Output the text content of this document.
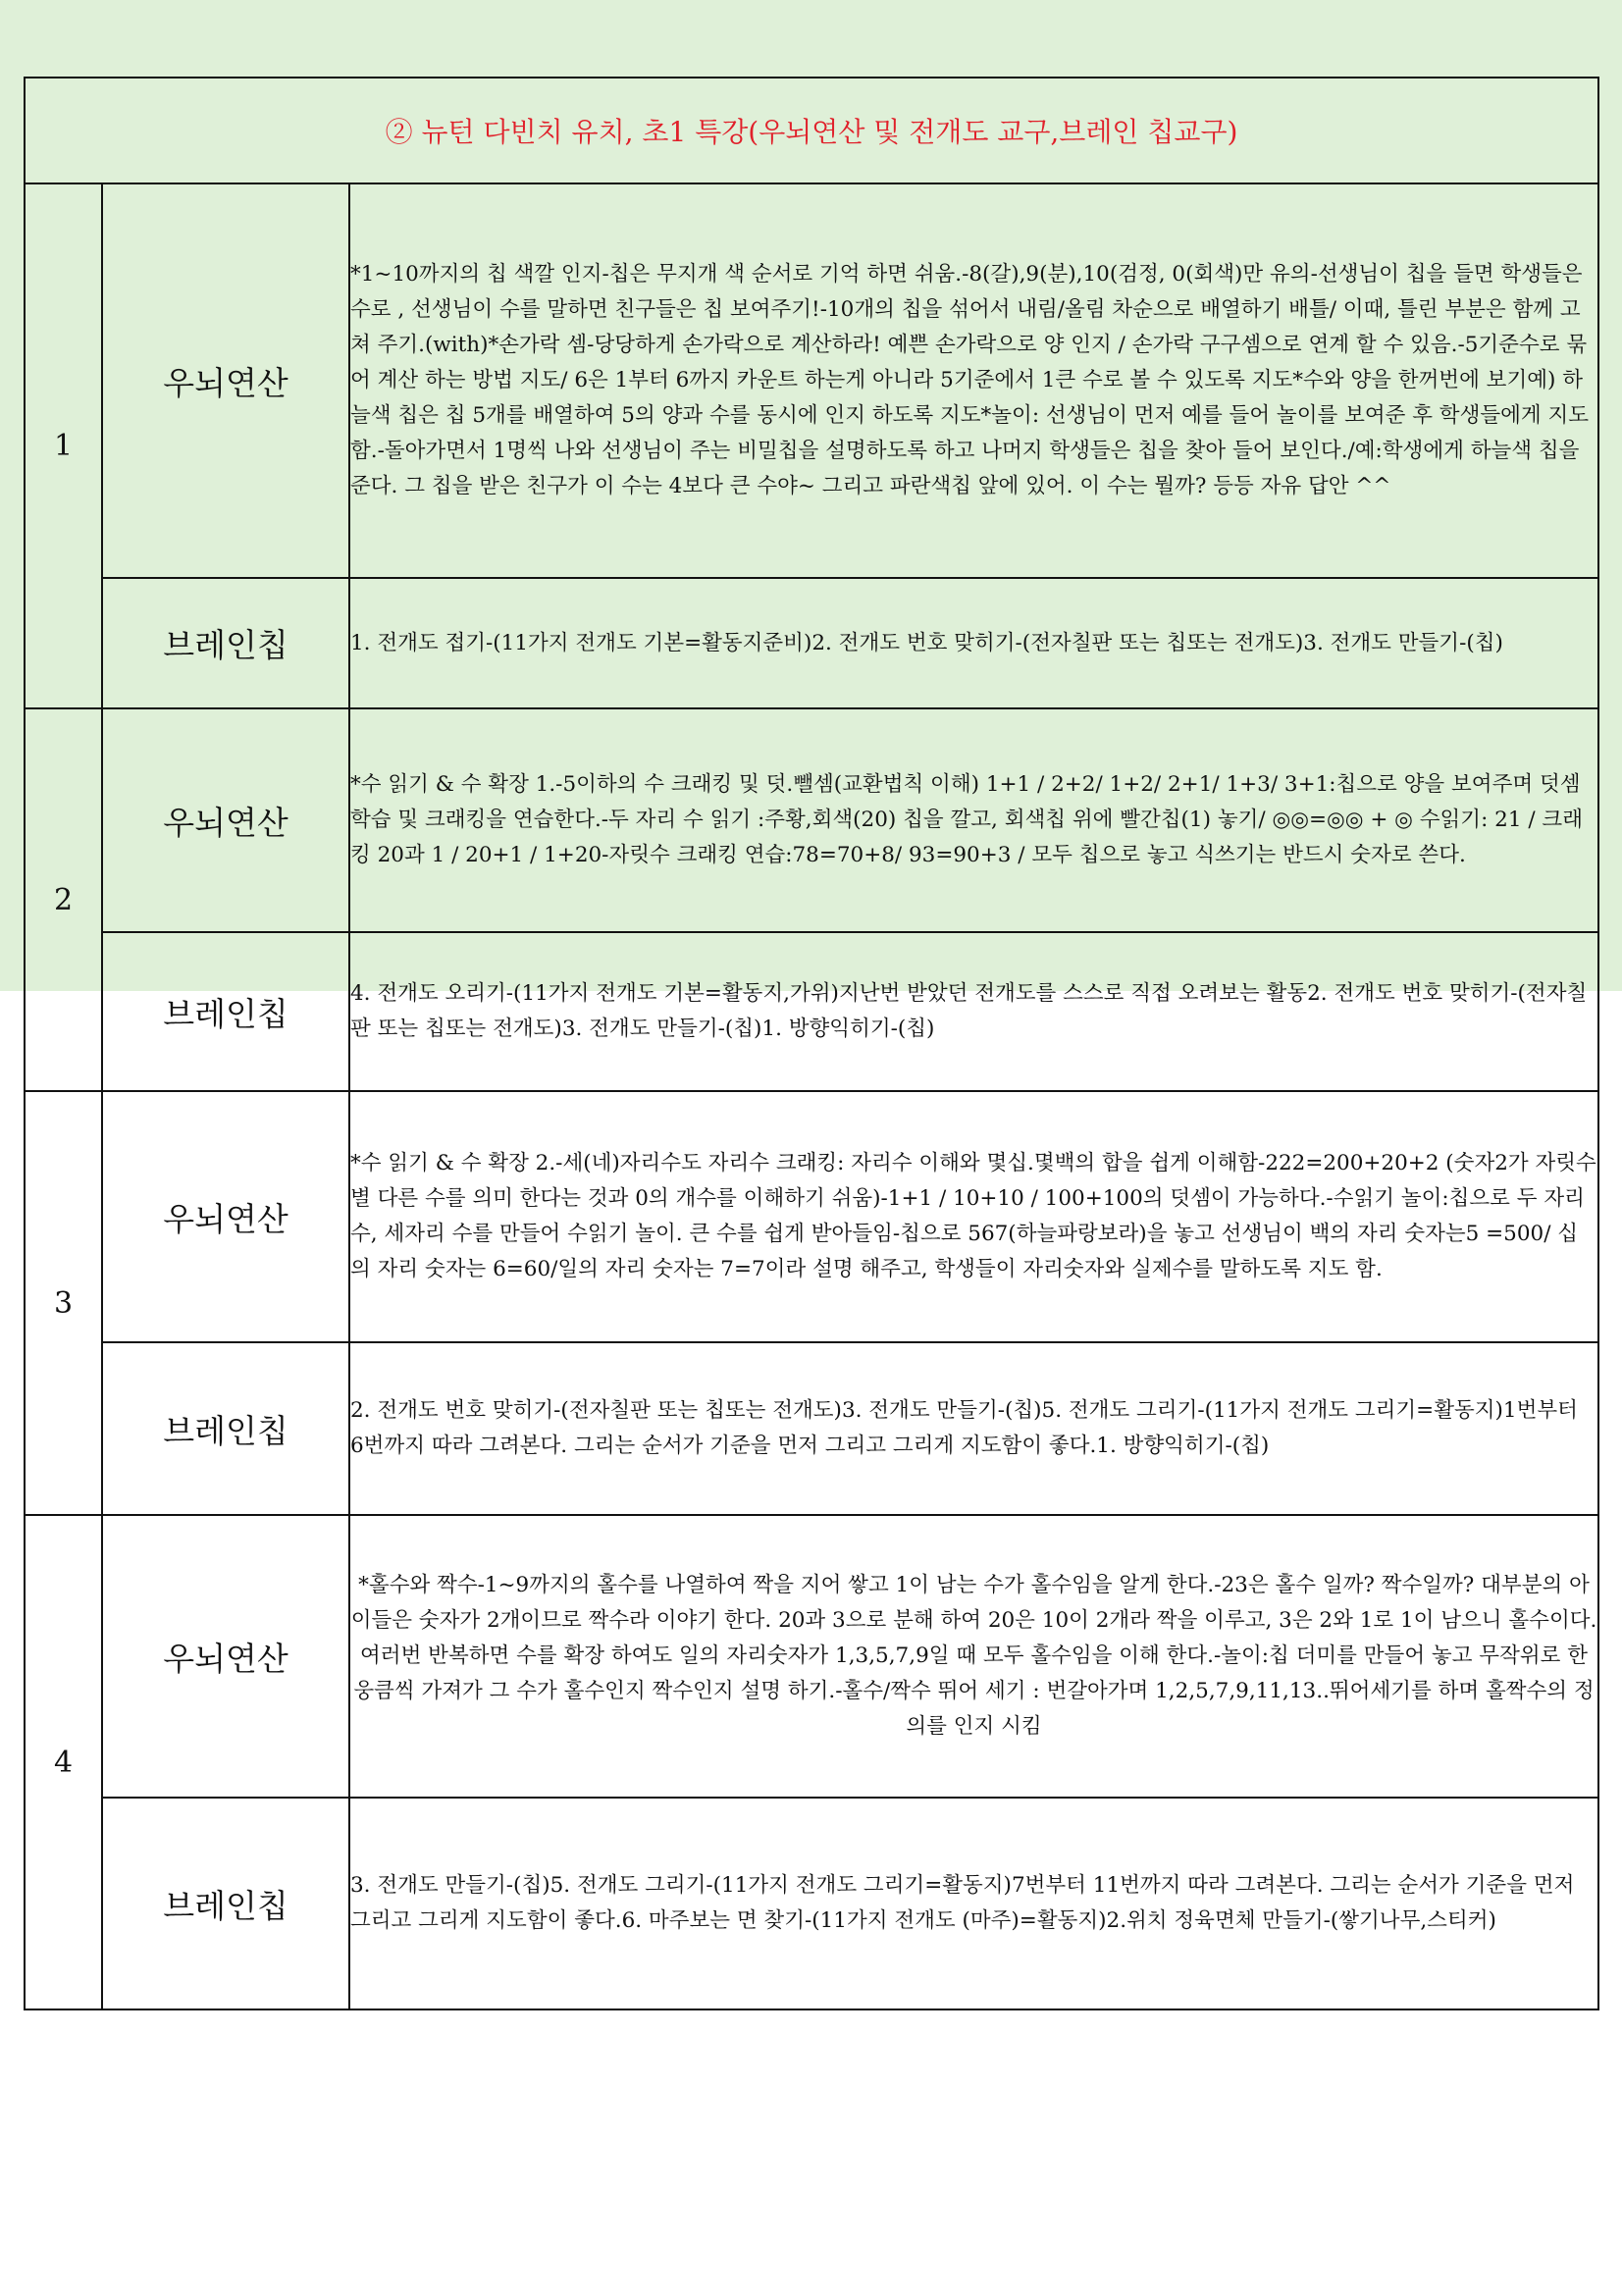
② 뉴턴 다빈치 유치, 초1 특강(우뇌연산 및 전개도 교구,브레인 칩교구)		
1	우뇌연산	*1~10까지의 칩 색깔 인지-칩은 무지개 색 순서로 기억 하면 쉬움.-8(갈),9(분),10(검정, 0(회색)만 유의-선생님이 칩을 들면 학생들은 수로 , 선생님이 수를 말하면 친구들은 칩 보여주기!-10개의 칩을 섞어서 내림/올림 차순으로 배열하기 배틀/ 이때, 틀린 부분은 함께 고쳐 주기.(with)*손가락 셈-당당하게 손가락으로 계산하라! 예쁜 손가락으로 양 인지 / 손가락 구구셈으로 연계 할 수 있음.-5기준수로 묶어 계산 하는 방법 지도/ 6은 1부터 6까지 카운트 하는게 아니라 5기준에서 1큰 수로 볼 수 있도록 지도*수와 양을 한꺼번에 보기예) 하늘색 칩은 칩 5개를 배열하여 5의 양과 수를 동시에 인지 하도록 지도*놀이: 선생님이 먼저 예를 들어 놀이를 보여준 후 학생들에게 지도 함.-돌아가면서 1명씩 나와 선생님이 주는 비밀칩을 설명하도록 하고 나머지 학생들은 칩을 찾아 들어 보인다./예:학생에게 하늘색 칩을 준다. 그 칩을 받은 친구가 이 수는 4보다 큰 수야~ 그리고 파란색칩 앞에 있어. 이 수는 뭘까? 등등 자유 답안 ^^
	브레인칩	1. 전개도 접기-(11가지 전개도 기본=활동지준비)2. 전개도 번호 맞히기-(전자칠판 또는 칩또는 전개도)3. 전개도 만들기-(칩)
2	우뇌연산	*수 읽기 & 수 확장 1.-5이하의 수 크래킹 및 덧.뺄셈(교환법칙 이해) 1+1 / 2+2/ 1+2/ 2+1/ 1+3/ 3+1:칩으로 양을 보여주며 덧셈 학습 및 크래킹을 연습한다.-두 자리 수 읽기 :주황,회색(20) 칩을 깔고, 회색칩 위에 빨간칩(1) 놓기/ ◎◎=◎◎ + ◎ 수읽기: 21 / 크래킹 20과 1 / 20+1 / 1+20-자릿수 크래킹 연습:78=70+8/ 93=90+3 / 모두 칩으로 놓고 식쓰기는 반드시 숫자로 쓴다.
	브레인칩	4. 전개도 오리기-(11가지 전개도 기본=활동지,가위)지난번 받았던 전개도를 스스로 직접 오려보는 활동2. 전개도 번호 맞히기-(전자칠판 또는 칩또는 전개도)3. 전개도 만들기-(칩)1. 방향익히기-(칩)
3	우뇌연산	*수 읽기 & 수 확장 2.-세(네)자리수도 자리수 크래킹: 자리수 이해와 몇십.몇백의 합을 쉽게 이해함-222=200+20+2 (숫자2가 자릿수별 다른 수를 의미 한다는 것과 0의 개수를 이해하기 쉬움)-1+1 / 10+10 / 100+100의 덧셈이 가능하다.-수읽기 놀이:칩으로 두 자리수, 세자리 수를 만들어 수읽기 놀이. 큰 수를 쉽게 받아들임-칩으로 567(하늘파랑보라)을 놓고 선생님이 백의 자리 숫자는5 =500/ 십의 자리 숫자는 6=60/일의 자리 숫자는 7=7이라 설명 해주고, 학생들이 자리숫자와 실제수를 말하도록 지도 함.
	브레인칩	2. 전개도 번호 맞히기-(전자칠판 또는 칩또는 전개도)3. 전개도 만들기-(칩)5. 전개도 그리기-(11가지 전개도 그리기=활동지)1번부터 6번까지 따라 그려본다. 그리는 순서가 기준을 먼저 그리고 그리게 지도함이 좋다.1. 방향익히기-(칩)
4	우뇌연산	*홀수와 짝수-1~9까지의 홀수를 나열하여 짝을 지어 쌓고 1이 남는 수가 홀수임을 알게 한다.-23은 홀수 일까? 짝수일까? 대부분의 아이들은 숫자가 2개이므로 짝수라 이야기 한다. 20과 3으로 분해 하여 20은 10이 2개라 짝을 이루고, 3은 2와 1로 1이 남으니 홀수이다.여러번 반복하면 수를 확장 하여도 일의 자리숫자가 1,3,5,7,9일 때 모두 홀수임을 이해 한다.-놀이:칩 더미를 만들어 놓고 무작위로 한웅큼씩 가져가 그 수가 홀수인지 짝수인지 설명 하기.-홀수/짝수 뛰어 세기 : 번갈아가며 1,2,5,7,9,11,13..뛰어세기를 하며 홀짝수의 정의를 인지 시킴
	브레인칩	3. 전개도 만들기-(칩)5. 전개도 그리기-(11가지 전개도 그리기=활동지)7번부터 11번까지 따라 그려본다. 그리는 순서가 기준을 먼저 그리고 그리게 지도함이 좋다.6. 마주보는 면 찾기-(11가지 전개도 (마주)=활동지)2.위치 정육면체 만들기-(쌓기나무,스티커)
